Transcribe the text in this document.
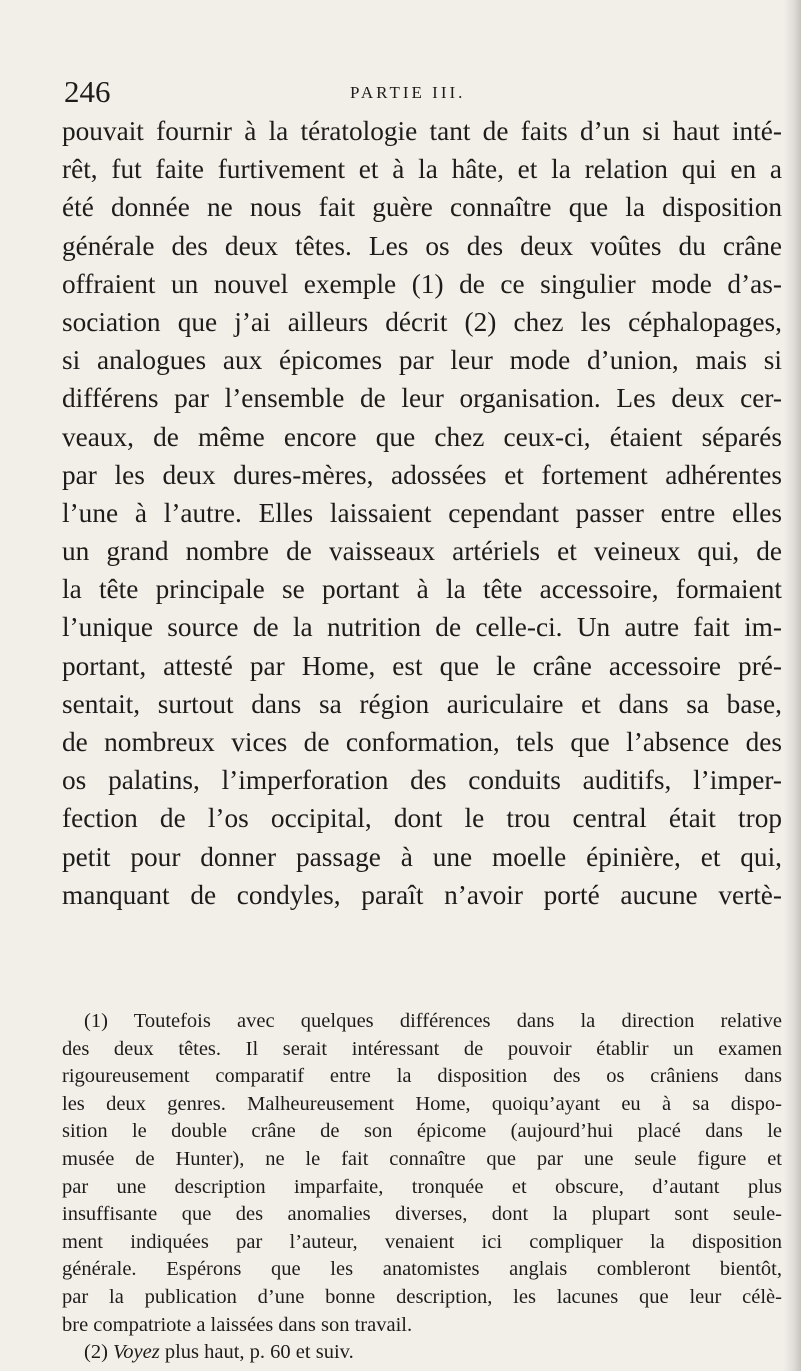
246	PARTIE III.
pouvait fournir à la tératologie tant de faits d’un si haut inté-
rêt, fut faite furtivement et à la hâte, et la relation qui en a
été donnée ne nous fait guère connaître que la disposition
générale des deux têtes. Les os des deux voûtes du crâne
offraient un nouvel exemple (1) de ce singulier mode d’as-
sociation que j’ai ailleurs décrit (2) chez les céphalopages,
si analogues aux épicomes par leur mode d’union, mais si
différens par l’ensemble de leur organisation. Les deux cer-
veaux, de même encore que chez ceux-ci, étaient séparés
par les deux dures-mères, adossées et fortement adhérentes
l’une à l’autre. Elles laissaient cependant passer entre elles
un grand nombre de vaisseaux artériels et veineux qui, de
la tête principale se portant à la tête accessoire, formaient
l’unique source de la nutrition de celle-ci. Un autre fait im-
portant, attesté par Home, est que le crâne accessoire pré-
sentait, surtout dans sa région auriculaire et dans sa base,
de nombreux vices de conformation, tels que l’absence des
os palatins, l’imperforation des conduits auditifs, l’imper-
fection de l’os occipital, dont le trou central était trop
petit pour donner passage à une moelle épinière, et qui,
manquant de condyles, paraît n’avoir porté aucune vertè-
(1) Toutefois avec quelques différences dans la direction relative
des deux têtes. Il serait intéressant de pouvoir établir un examen
rigoureusement comparatif entre la disposition des os crâniens dans
les deux genres. Malheureusement Home, quoiqu’ayant eu à sa dispo-
sition le double crâne de son épicome (aujourd’hui placé dans le
musée de Hunter), ne le fait connaître que par une seule figure et
par une description imparfaite, tronquée et obscure, d’autant plus
insuffisante que des anomalies diverses, dont la plupart sont seule-
ment indiquées par l’auteur, venaient ici compliquer la disposition
générale. Espérons que les anatomistes anglais combleront bientôt,
par la publication d’une bonne description, les lacunes que leur célè-
bre compatriote a laissées dans son travail.
(2) Voyez plus haut, p. 60 et suiv.
